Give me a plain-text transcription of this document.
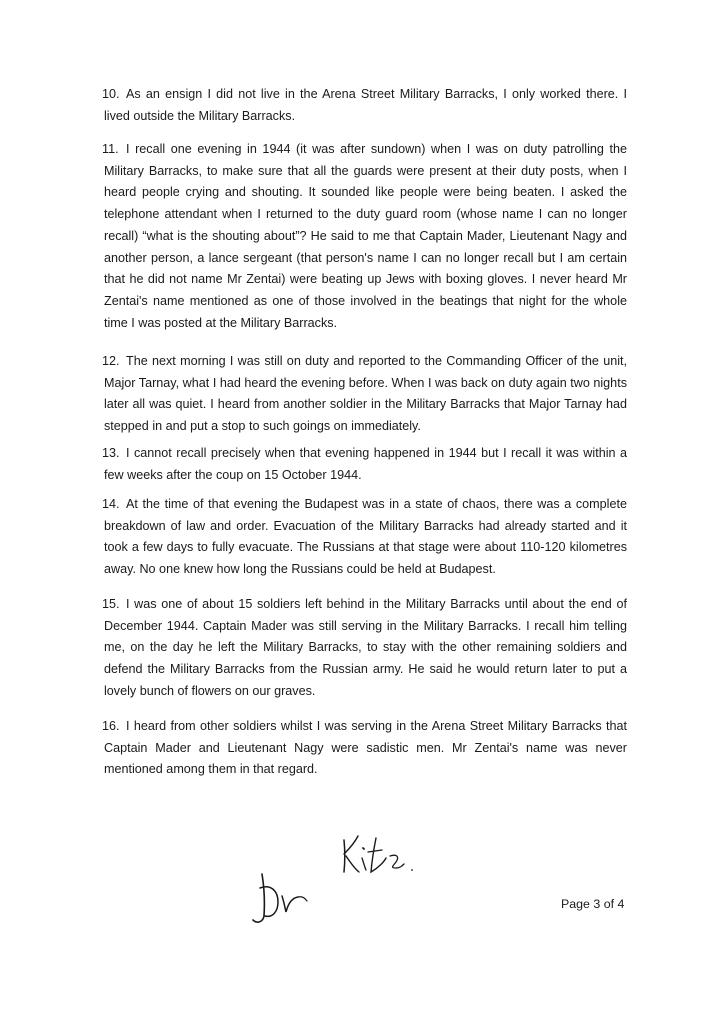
10. As an ensign I did not live in the Arena Street Military Barracks, I only worked there. I lived outside the Military Barracks.
11. I recall one evening in 1944 (it was after sundown) when I was on duty patrolling the Military Barracks, to make sure that all the guards were present at their duty posts, when I heard people crying and shouting. It sounded like people were being beaten. I asked the telephone attendant when I returned to the duty guard room (whose name I can no longer recall) “what is the shouting about”? He said to me that Captain Mader, Lieutenant Nagy and another person, a lance sergeant (that person's name I can no longer recall but I am certain that he did not name Mr Zentai) were beating up Jews with boxing gloves. I never heard Mr Zentai's name mentioned as one of those involved in the beatings that night for the whole time I was posted at the Military Barracks.
12. The next morning I was still on duty and reported to the Commanding Officer of the unit, Major Tarnay, what I had heard the evening before. When I was back on duty again two nights later all was quiet. I heard from another soldier in the Military Barracks that Major Tarnay had stepped in and put a stop to such goings on immediately.
13. I cannot recall precisely when that evening happened in 1944 but I recall it was within a few weeks after the coup on 15 October 1944.
14. At the time of that evening the Budapest was in a state of chaos, there was a complete breakdown of law and order. Evacuation of the Military Barracks had already started and it took a few days to fully evacuate. The Russians at that stage were about 110-120 kilometres away. No one knew how long the Russians could be held at Budapest.
15. I was one of about 15 soldiers left behind in the Military Barracks until about the end of December 1944. Captain Mader was still serving in the Military Barracks. I recall him telling me, on the day he left the Military Barracks, to stay with the other remaining soldiers and defend the Military Barracks from the Russian army. He said he would return later to put a lovely bunch of flowers on our graves.
16. I heard from other soldiers whilst I was serving in the Arena Street Military Barracks that Captain Mader and Lieutenant Nagy were sadistic men. Mr Zentai's name was never mentioned among them in that regard.
Page 3 of 4
